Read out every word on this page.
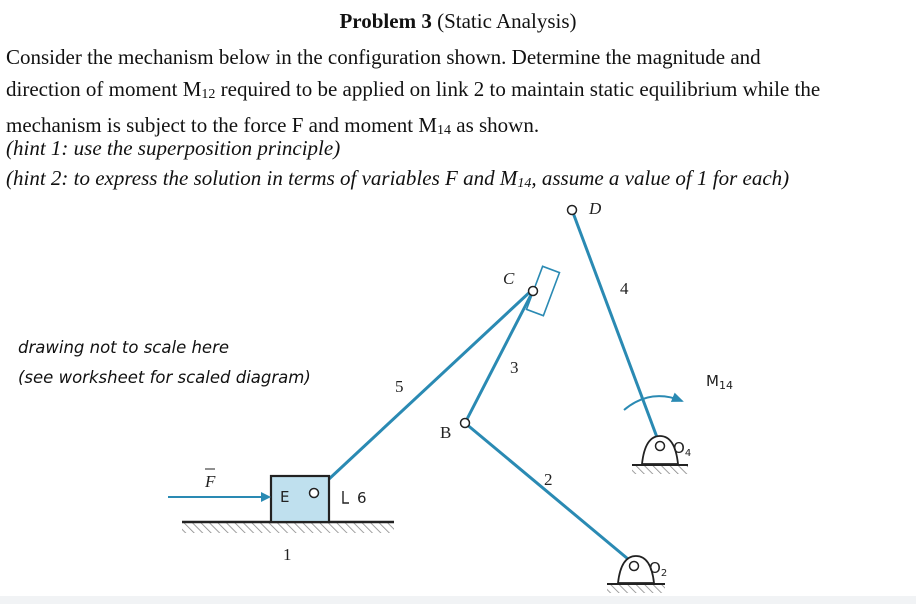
Problem 3 (Static Analysis)
Consider the mechanism below in the configuration shown. Determine the magnitude and
direction of moment $M_{12}$ required to be applied on link 2 to maintain static equilibrium while the
mechanism is subject to the force F and moment $M_{14}$ as shown.
(hint 1: use the superposition principle)
(hint 2: to express the solution in terms of variables F and $M_{14}$, assume a value of 1 for each)
drawing not to scale here
(see worksheet for scaled diagram)
F
E	6
1
$M_{14}$
D
C
B
$O_4$
$O_2$
5
4
3
2
